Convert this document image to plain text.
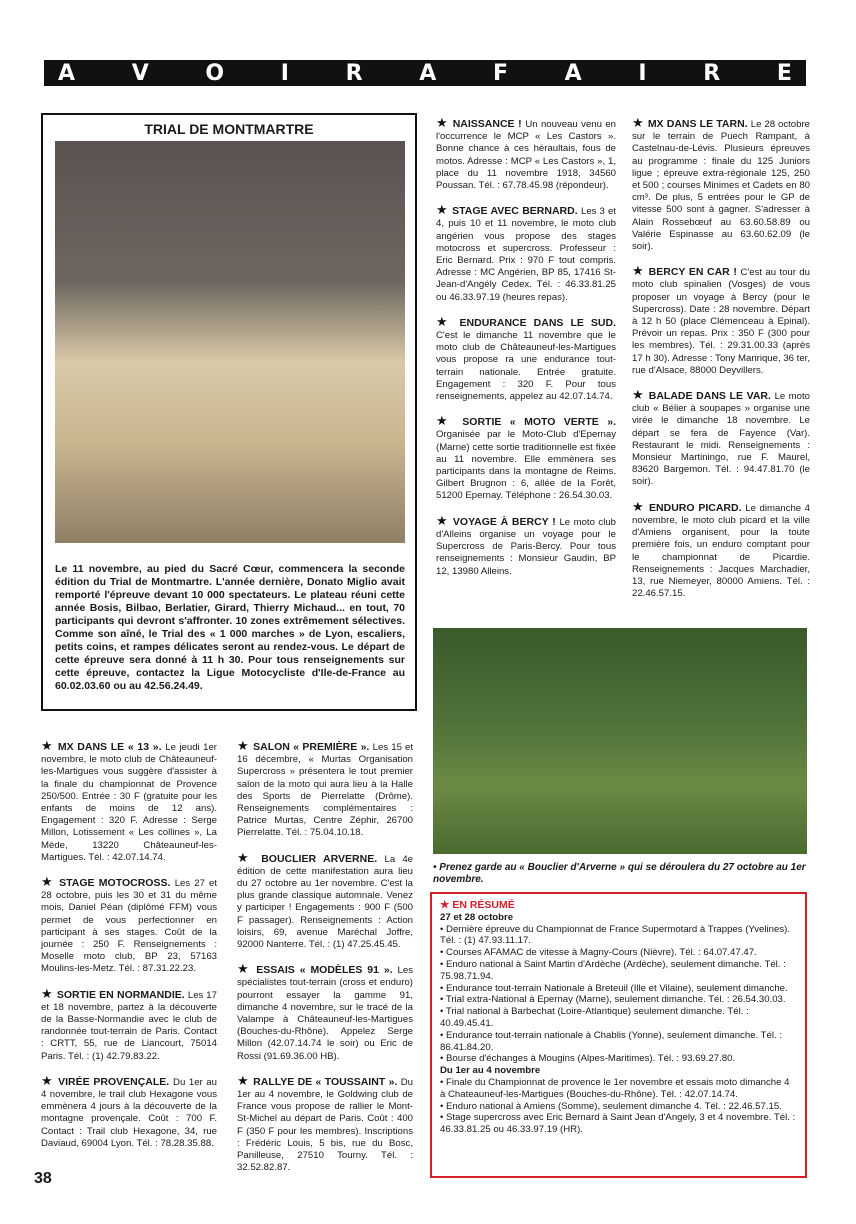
A	V	O	I	R	A	F	A	I	R	E
TRIAL DE MONTMARTRE
Le 11 novembre, au pied du Sacré Cœur, commencera la seconde édition du Trial de Montmartre. L'année dernière, Donato Miglio avait remporté l'épreuve devant 10 000 spectateurs. Le plateau réuni cette année Bosis, Bilbao, Berlatier, Girard, Thierry Michaud... en tout, 70 participants qui devront s'affronter. 10 zones extrêmement sélectives. Comme son aîné, le Trial des « 1 000 marches » de Lyon, escaliers, petits coins, et rampes délicates seront au rendez-vous. Le départ de cette épreuve sera donné à 11 h 30. Pour tous renseignements sur cette épreuve, contactez la Ligue Motocycliste d'Ile-de-France au 60.02.03.60 ou au 42.56.24.49.

★ NAISSANCE ! Un nouveau venu en l'occurrence le MCP « Les Castors ». Bonne chance à ces héraultais, fous de motos. Adresse : MCP « Les Castors », 1, place du 11 novembre 1918, 34560 Poussan. Tél. : 67.78.45.98 (répondeur).

★ STAGE AVEC BERNARD. Les 3 et 4, puis 10 et 11 novembre, le moto club angérien vous propose des stages motocross et supercross. Professeur : Eric Bernard. Prix : 970 F tout compris. Adresse : MC Angérien, BP 85, 17416 St-Jean-d'Angély Cedex. Tél. : 46.33.81.25 ou 46.33.97.19 (heures repas).

★ ENDURANCE DANS LE SUD. C'est le dimanche 11 novembre que le moto club de Châteauneuf-les-Martigues vous propose ra une endurance tout-terrain nationale. Entrée gratuite. Engagement : 320 F. Pour tous renseignements, appelez au 42.07.14.74.

★ SORTIE « MOTO VERTE ». Organisée par le Moto-Club d'Epernay (Marne) cette sortie traditionnelle est fixée au 11 novembre. Elle emmènera ses participants dans la montagne de Reims. Gilbert Brugnon : 6, allée de la Forêt, 51200 Epernay. Téléphone : 26.54.30.03.

★ VOYAGE À BERCY ! Le moto club d'Alleins organise un voyage pour le Supercross de Paris-Bercy. Pour tous renseignements : Monsieur Gaudin, BP 12, 13980 Alleins.

★ MX DANS LE TARN. Le 28 octobre sur le terrain de Puech Rampant, à Castelnau-de-Lévis. Plusieurs épreuves au programme : finale du 125 Juniors ligue ; épreuve extra-régionale 125, 250 et 500 ; courses Minimes et Cadets en 80 cm³. De plus, 5 entrées pour le GP de vitesse 500 sont à gagner. S'adresser à Alain Rossebœuf au 63.60.58.89 ou Valérie Espinasse au 63.60.62.09 (le soir).

★ BERCY EN CAR ! C'est au tour du moto club spinalien (Vosges) de vous proposer un voyage à Bercy (pour le Supercross). Date : 28 novembre. Départ à 12 h 50 (place Clémenceau à Epinal). Prévoir un repas. Prix : 350 F (300 pour les membres). Tél. : 29.31.00.33 (après 17 h 30). Adresse : Tony Manrique, 36 ter, rue d'Alsace, 88000 Deyvillers.

★ BALADE DANS LE VAR. Le moto club « Bélier à soupapes » organise une virée le dimanche 18 novembre. Le départ se fera de Fayence (Var). Restaurant le midi. Renseignements : Monsieur Martiningo, rue F. Maurel, 83620 Bargemon. Tél. : 94.47.81.70 (le soir).

★ ENDURO PICARD. Le dimanche 4 novembre, le moto club picard et la ville d'Amiens organisent, pour la toute première fois, un enduro comptant pour le championnat de Picardie. Renseignements : Jacques Marchadier, 13, rue Niemeyer, 80000 Amiens. Tél. : 22.46.57.15.

★ MX DANS LE « 13 ». Le jeudi 1er novembre, le moto club de Châteauneuf-les-Martigues vous suggère d'assister à la finale du championnat de Provence 250/500. Entrée : 30 F (gratuite pour les enfants de moins de 12 ans). Engagement : 320 F. Adresse : Serge Millon, Lotissement « Les collines », La Mède, 13220 Châteauneuf-les-Martigues. Tél. : 42.07.14.74.

★ STAGE MOTOCROSS. Les 27 et 28 octobre, puis les 30 et 31 du même mois, Daniel Péan (diplômé FFM) vous permet de vous perfectionner en participant à ses stages. Coût de la journée : 250 F. Renseignements : Moselle moto club, BP 23, 57163 Moulins-les-Metz. Tél. : 87.31.22.23.

★ SORTIE EN NORMANDIE. Les 17 et 18 novembre, partez à la découverte de la Basse-Normandie avec le club de randonnée tout-terrain de Paris. Contact : CRTT, 55, rue de Liancourt, 75014 Paris. Tél. : (1) 42.79.83.22.

★ VIRÉE PROVENÇALE. Du 1er au 4 novembre, le trail club Hexagone vous emmènera 4 jours à la découverte de la montagne provençale. Coût : 700 F. Contact : Trail club Hexagone, 34, rue Daviaud, 69004 Lyon. Tél. : 78.28.35.88.

★ SALON « PREMIÈRE ». Les 15 et 16 décembre, « Murtas Organisation Supercross » présentera le tout premier salon de la moto qui aura lieu à la Halle des Sports de Pierrelatte (Drôme). Renseignements complémentaires : Patrice Murtas, Centre Zéphir, 26700 Pierrelatte. Tél. : 75.04.10.18.

★ BOUCLIER ARVERNE. La 4e édition de cette manifestation aura lieu du 27 octobre au 1er novembre. C'est la plus grande classique automnale. Venez y participer ! Engagements : 900 F (500 F passager). Renseignements : Action loisirs, 69, avenue Maréchal Joffre, 92000 Nanterre. Tél. : (1) 47.25.45.45.

★ ESSAIS « MODÈLES 91 ». Les spécialistes tout-terrain (cross et enduro) pourront essayer la gamme 91, dimanche 4 novembre, sur le tracé de la Valampe à Châteauneuf-les-Martigues (Bouches-du-Rhône). Appelez Serge Millon (42.07.14.74 le soir) ou Eric de Rossi (91.69.36.00 HB).

★ RALLYE DE « TOUSSAINT ». Du 1er au 4 novembre, le Goldwing club de France vous propose de rallier le Mont-St-Michel au départ de Paris. Coût : 400 F (350 F pour les membres). Inscriptions : Frédéric Louis, 5 bis, rue du Bosc, Panilleuse, 27510 Tourny. Tél. : 32.52.82.87.

• Prenez garde au « Bouclier d'Arverne » qui se déroulera du 27 octobre au 1er novembre.
★ EN RÉSUMÉ
27 et 28 octobre
• Dernière épreuve du Championnat de France Supermotard à Trappes (Yvelines). Tél. : (1) 47.93.11.17.
• Courses AFAMAC de vitesse à Magny-Cours (Nièvre). Tél. : 64.07.47.47.
• Enduro national à Saint Martin d'Ardèche (Ardèche), seulement dimanche. Tél. : 75.98.71.94.
• Endurance tout-terrain Nationale à Breteuil (Ille et Vilaine), seulement dimanche.
• Trial extra-National à Epernay (Marne), seulement dimanche. Tél. : 26.54.30.03.
• Trial national à Barbechat (Loire-Atlantique) seulement dimanche. Tél. : 40.49.45.41.
• Endurance tout-terrain nationale à Chablis (Yonne), seulement dimanche. Tél. : 86.41.84.20.
• Bourse d'échanges à Mougins (Alpes-Maritimes). Tél. : 93.69.27.80.
Du 1er au 4 novembre
• Finale du Championnat de provence le 1er novembre et essais moto dimanche 4 à Chateauneuf-les-Martigues (Bouches-du-Rhône). Tél. : 42.07.14.74.
• Enduro national à Amiens (Somme), seulement dimanche 4. Tél. : 22.46.57.15.
• Stage supercross avec Eric Bernard à Saint Jean d'Angely, 3 et 4 novembre. Tél. : 46.33.81.25 ou 46.33.97.19 (HR).
38
